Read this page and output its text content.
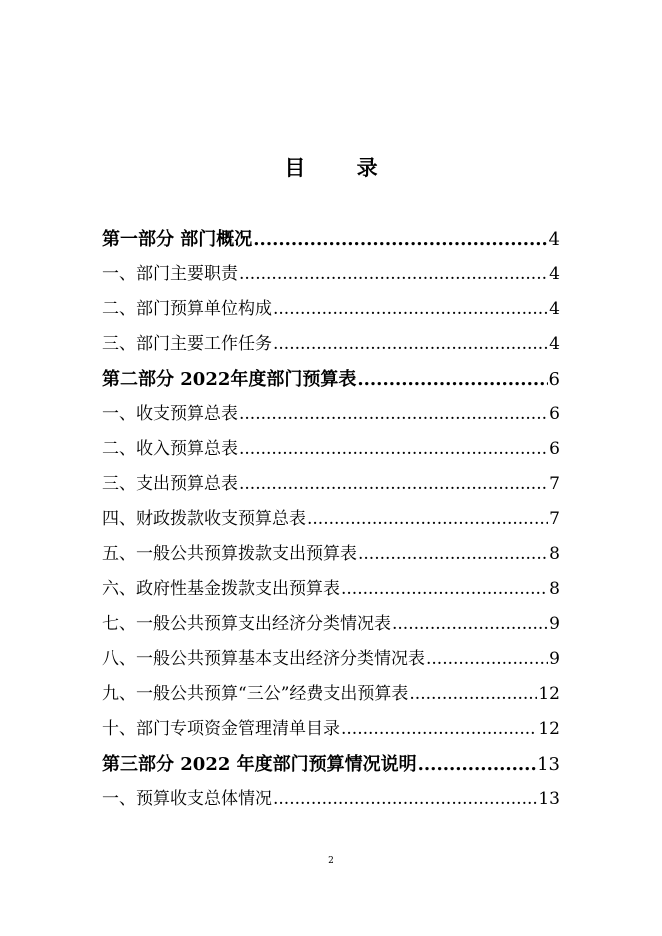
目 录
第一部分 部门概况 .....	4
一、部门主要职责 .....	4
二、部门预算单位构成 .....	4
三、部门主要工作任务 .....	4
第二部分 2022年度部门预算表 .....	6
一、收支预算总表 .....	6
二、收入预算总表 .....	6
三、支出预算总表 .....	7
四、财政拨款收支预算总表 .....	7
五、一般公共预算拨款支出预算表 .....	8
六、政府性基金拨款支出预算表 .....	8
七、一般公共预算支出经济分类情况表 .....	9
八、一般公共预算基本支出经济分类情况表 .....	9
九、一般公共预算“三公”经费支出预算表 .....	12
十、部门专项资金管理清单目录 .....	12
第三部分 2022 年度部门预算情况说明 .....	13
一、预算收支总体情况 .....	13
2
